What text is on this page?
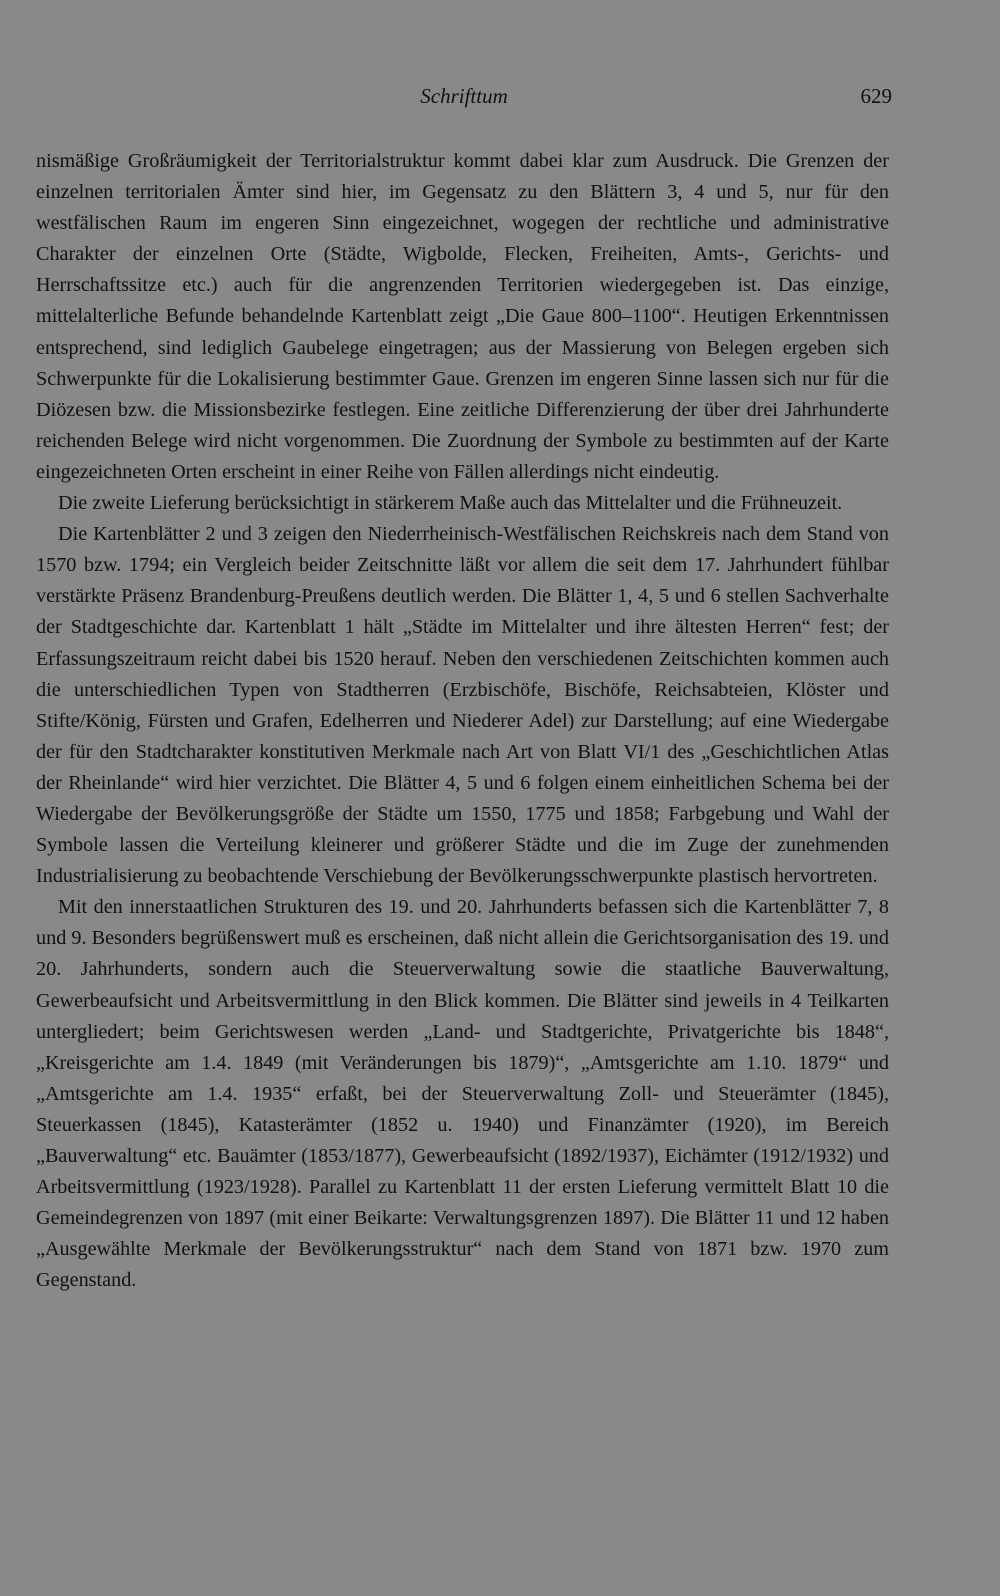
Schrifttum	629

nismäßige Großräumigkeit der Territorialstruktur kommt dabei klar zum Ausdruck. Die Grenzen der einzelnen territorialen Ämter sind hier, im Gegensatz zu den Blättern 3, 4 und 5, nur für den westfälischen Raum im engeren Sinn eingezeichnet, wogegen der rechtliche und administrative Charakter der einzelnen Orte (Städte, Wigbolde, Flecken, Freiheiten, Amts-, Gerichts- und Herrschaftssitze etc.) auch für die angrenzenden Territorien wiedergegeben ist. Das einzige, mittelalterliche Befunde behandelnde Kartenblatt zeigt „Die Gaue 800–1100“. Heutigen Erkenntnissen entsprechend, sind lediglich Gaubelege eingetragen; aus der Massierung von Belegen ergeben sich Schwerpunkte für die Lokalisierung bestimmter Gaue. Grenzen im engeren Sinne lassen sich nur für die Diözesen bzw. die Missionsbezirke festlegen. Eine zeitliche Differenzierung der über drei Jahrhunderte reichenden Belege wird nicht vorgenommen. Die Zuordnung der Symbole zu bestimmten auf der Karte eingezeichneten Orten erscheint in einer Reihe von Fällen allerdings nicht eindeutig.

Die zweite Lieferung berücksichtigt in stärkerem Maße auch das Mittelalter und die Frühneuzeit.

Die Kartenblätter 2 und 3 zeigen den Niederrheinisch-Westfälischen Reichskreis nach dem Stand von 1570 bzw. 1794; ein Vergleich beider Zeitschnitte läßt vor allem die seit dem 17. Jahrhundert fühlbar verstärkte Präsenz Brandenburg-Preußens deutlich werden. Die Blätter 1, 4, 5 und 6 stellen Sachverhalte der Stadtgeschichte dar. Kartenblatt 1 hält „Städte im Mittelalter und ihre ältesten Herren“ fest; der Erfassungszeitraum reicht dabei bis 1520 herauf. Neben den verschiedenen Zeitschichten kommen auch die unterschiedlichen Typen von Stadtherren (Erzbischöfe, Bischöfe, Reichsabteien, Klöster und Stifte/König, Fürsten und Grafen, Edelherren und Niederer Adel) zur Darstellung; auf eine Wiedergabe der für den Stadtcharakter konstitutiven Merkmale nach Art von Blatt VI/1 des „Geschichtlichen Atlas der Rheinlande“ wird hier verzichtet. Die Blätter 4, 5 und 6 folgen einem einheitlichen Schema bei der Wiedergabe der Bevölkerungsgröße der Städte um 1550, 1775 und 1858; Farbgebung und Wahl der Symbole lassen die Verteilung kleinerer und größerer Städte und die im Zuge der zunehmenden Industrialisierung zu beobachtende Verschiebung der Bevölkerungsschwerpunkte plastisch hervortreten.

Mit den innerstaatlichen Strukturen des 19. und 20. Jahrhunderts befassen sich die Kartenblätter 7, 8 und 9. Besonders begrüßenswert muß es erscheinen, daß nicht allein die Gerichtsorganisation des 19. und 20. Jahrhunderts, sondern auch die Steuerverwaltung sowie die staatliche Bauverwaltung, Gewerbeaufsicht und Arbeitsvermittlung in den Blick kommen. Die Blätter sind jeweils in 4 Teilkarten untergliedert; beim Gerichtswesen werden „Land- und Stadtgerichte, Privatgerichte bis 1848“, „Kreisgerichte am 1.4. 1849 (mit Veränderungen bis 1879)“, „Amtsgerichte am 1.10. 1879“ und „Amtsgerichte am 1.4. 1935“ erfaßt, bei der Steuerverwaltung Zoll- und Steuerämter (1845), Steuerkassen (1845), Katasterämter (1852 u. 1940) und Finanzämter (1920), im Bereich „Bauverwaltung“ etc. Bauämter (1853/1877), Gewerbeaufsicht (1892/1937), Eichämter (1912/1932) und Arbeitsvermittlung (1923/1928). Parallel zu Kartenblatt 11 der ersten Lieferung vermittelt Blatt 10 die Gemeindegrenzen von 1897 (mit einer Beikarte: Verwaltungsgrenzen 1897). Die Blätter 11 und 12 haben „Ausgewählte Merkmale der Bevölkerungsstruktur“ nach dem Stand von 1871 bzw. 1970 zum Gegenstand.
